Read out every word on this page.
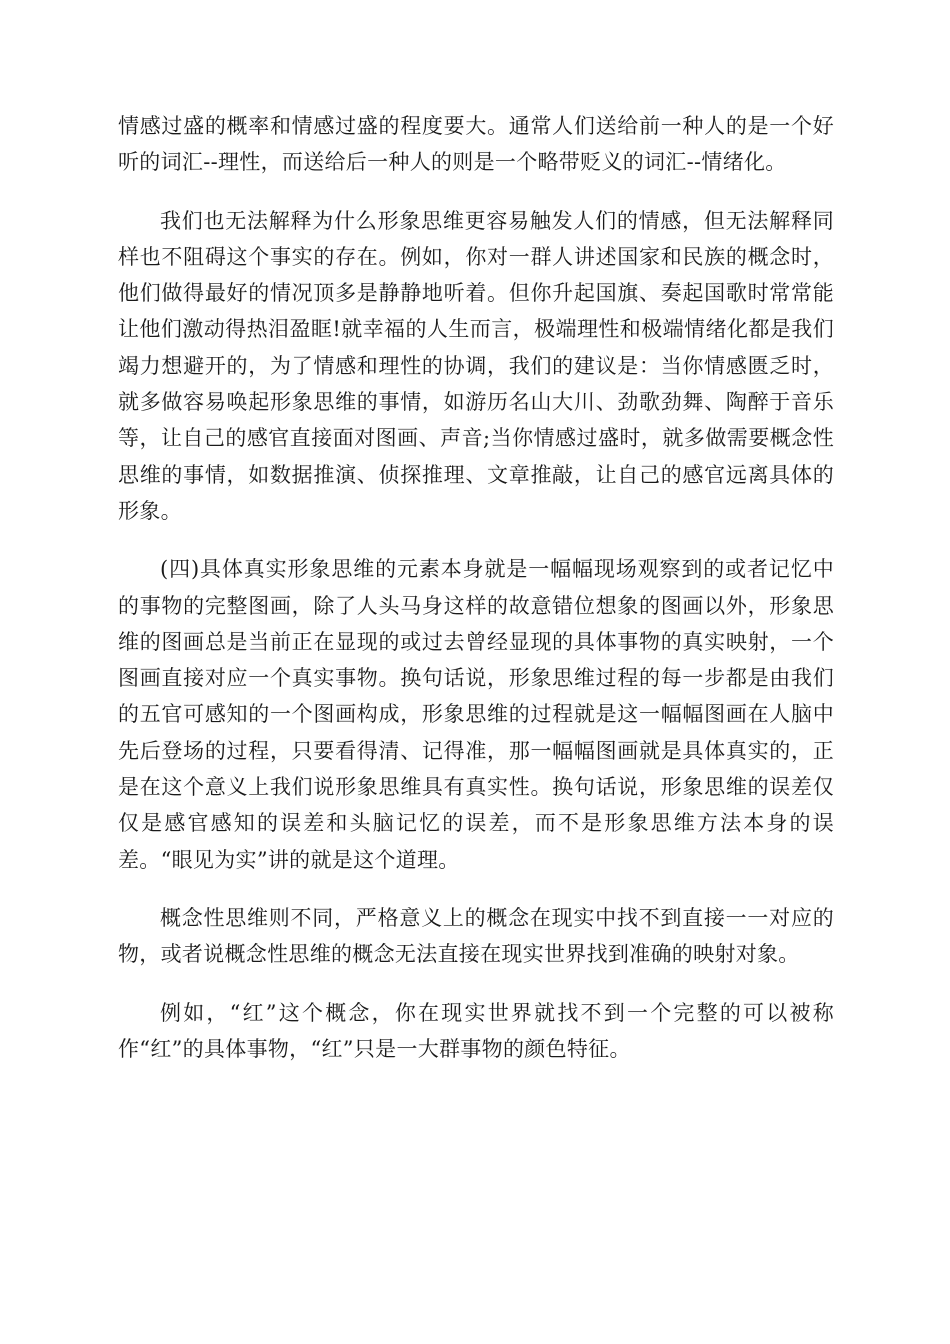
情感过盛的概率和情感过盛的程度要大。通常人们送给前一种人的是一个好听的词汇--理性，而送给后一种人的则是一个略带贬义的词汇--情绪化。

我们也无法解释为什么形象思维更容易触发人们的情感，但无法解释同样也不阻碍这个事实的存在。例如，你对一群人讲述国家和民族的概念时，他们做得最好的情况顶多是静静地听着。但你升起国旗、奏起国歌时常常能让他们激动得热泪盈眶!就幸福的人生而言，极端理性和极端情绪化都是我们竭力想避开的，为了情感和理性的协调，我们的建议是：当你情感匮乏时，就多做容易唤起形象思维的事情，如游历名山大川、劲歌劲舞、陶醉于音乐等，让自己的感官直接面对图画、声音;当你情感过盛时，就多做需要概念性思维的事情，如数据推演、侦探推理、文章推敲，让自己的感官远离具体的形象。

(四)具体真实形象思维的元素本身就是一幅幅现场观察到的或者记忆中的事物的完整图画，除了人头马身这样的故意错位想象的图画以外，形象思维的图画总是当前正在显现的或过去曾经显现的具体事物的真实映射，一个图画直接对应一个真实事物。换句话说，形象思维过程的每一步都是由我们的五官可感知的一个图画构成，形象思维的过程就是这一幅幅图画在人脑中先后登场的过程，只要看得清、记得准，那一幅幅图画就是具体真实的，正是在这个意义上我们说形象思维具有真实性。换句话说，形象思维的误差仅仅是感官感知的误差和头脑记忆的误差，而不是形象思维方法本身的误差。“眼见为实”讲的就是这个道理。

概念性思维则不同，严格意义上的概念在现实中找不到直接一一对应的物，或者说概念性思维的概念无法直接在现实世界找到准确的映射对象。

例如，“红”这个概念，你在现实世界就找不到一个完整的可以被称作“红”的具体事物，“红”只是一大群事物的颜色特征。
